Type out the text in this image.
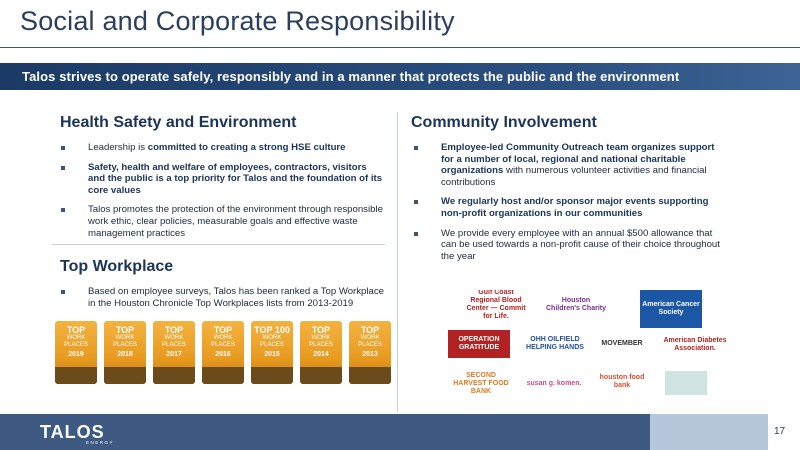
Social and Corporate Responsibility
Talos strives to operate safely, responsibly and in a manner that protects the public and the environment
Health Safety and Environment
Leadership is committed to creating a strong HSE culture
Safety, health and welfare of employees, contractors, visitors and the public is a top priority for Talos and the foundation of its core values
Talos promotes the protection of the environment through responsible work ethic, clear policies, measurable goals and effective waste management practices
Top Workplace
Based on employee surveys, Talos has been ranked a Top Workplace in the Houston Chronicle Top Workplaces lists from 2013-2019
TOP
WORK PLACES
2019
TOP
WORK PLACES
2018
TOP
WORK PLACES
2017
TOP
WORK PLACES
2016
TOP 100
WORK PLACES
2015
TOP
WORK PLACES
2014
TOP
WORK PLACES
2013
Community Involvement
Employee-led Community Outreach team organizes support for a number of local, regional and national charitable organizations with numerous volunteer activities and financial contributions
We regularly host and/or sponsor major events supporting non-profit organizations in our communities
We provide every employee with an annual $500 allowance that can be used towards a non-profit cause of their choice throughout the year
Gulf Coast Regional Blood Center — Commit for Life.
Houston Children's Charity
American Cancer Society
OPERATION GRATITUDE
OHH OILFIELD HELPING HANDS
MOVEMBER	American Diabetes Association.
SECOND HARVEST FOOD BANK
susan g. komen.
houston food bank
TALOS
ENERGY
17
